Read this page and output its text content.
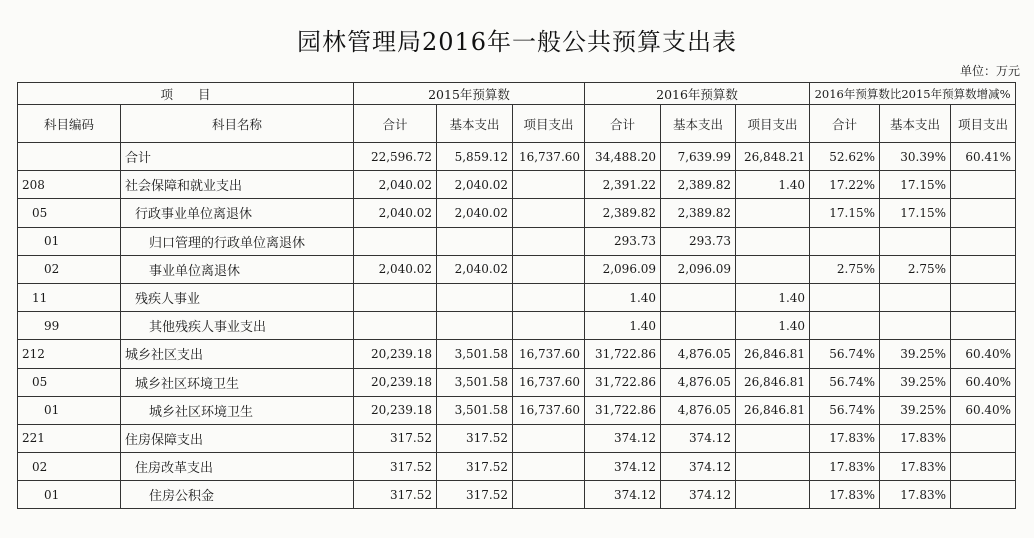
园林管理局2016年一般公共预算支出表
单位：万元
项　　目		2015年预算数			2016年预算数			2016年预算数比2015年预算数增减%		
科目编码	科目名称	合计	基本支出	项目支出	合计	基本支出	项目支出	合计	基本支出	项目支出
	合计	22,596.72	5,859.12	16,737.60	34,488.20	7,639.99	26,848.21	52.62%	30.39%	60.41%
208	社会保障和就业支出	2,040.02	2,040.02		2,391.22	2,389.82	1.40	17.22%	17.15%	
05	行政事业单位离退休	2,040.02	2,040.02		2,389.82	2,389.82		17.15%	17.15%	
01	归口管理的行政单位离退休				293.73	293.73				
02	事业单位离退休	2,040.02	2,040.02		2,096.09	2,096.09		2.75%	2.75%	
11	残疾人事业				1.40		1.40			
99	其他残疾人事业支出				1.40		1.40			
212	城乡社区支出	20,239.18	3,501.58	16,737.60	31,722.86	4,876.05	26,846.81	56.74%	39.25%	60.40%
05	城乡社区环境卫生	20,239.18	3,501.58	16,737.60	31,722.86	4,876.05	26,846.81	56.74%	39.25%	60.40%
01	城乡社区环境卫生	20,239.18	3,501.58	16,737.60	31,722.86	4,876.05	26,846.81	56.74%	39.25%	60.40%
221	住房保障支出	317.52	317.52		374.12	374.12		17.83%	17.83%	
02	住房改革支出	317.52	317.52		374.12	374.12		17.83%	17.83%	
01	住房公积金	317.52	317.52		374.12	374.12		17.83%	17.83%	
